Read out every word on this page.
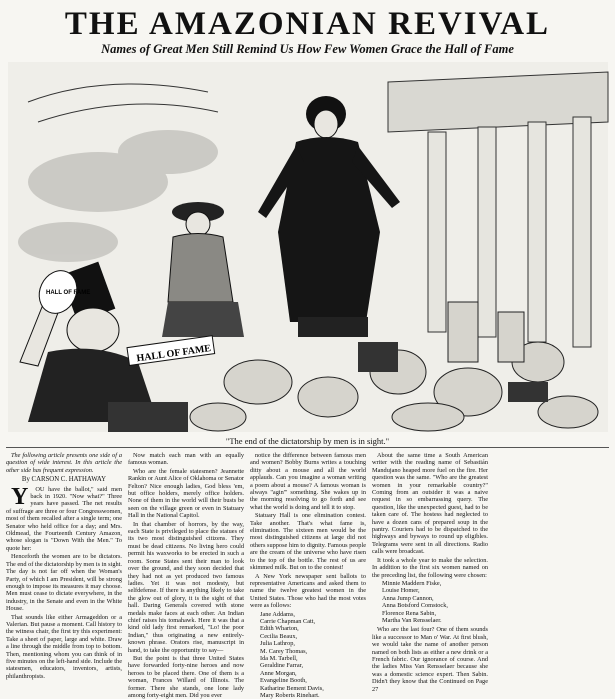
THE AMAZONIAN REVIVAL
Names of Great Men Still Remind Us How Few Women Grace the Hall of Fame
HALL OF FAME
HALL OF FAME
"The end of the dictatorship by men is in sight."

The following article presents one side of a question of wide interest. In this article the other side has frequent expression.

By CARSON C. HATHAWAY

Y OU have the ballot," said men back in 1920. "Now what?" Three years have passed. The net results of suffrage are three or four Congresswomen, most of them recalled after a single term; one Senator who held office for a day; and Mrs. Oldmead, the Fourteenth Century Amazon, whose slogan is "Down With the Men." To quote her:

Henceforth the women are to be dictators. The end of the dictatorship by men is in sight. The day is not far off when the Woman's Party, of which I am President, will be strong enough to impose its measures it may choose. Men must cease to dictate everywhere, in the industry, in the Senate and even in the White House.

That sounds like either Armageddon or a Valerian. But pause a moment. Call history to the witness chair, the first try this experiment: Take a sheet of paper, large and white. Draw a line through the middle from top to bottom. Then, mentioning whom you can think of in five minutes on the left-hand side. Include the statesmen, educators, inventors, artists, philanthropists.

Now match each man with an equally famous woman.

Who are the female statesmen? Jeannette Rankin or Aunt Alice of Oklahoma or Senator Felton? Nice enough ladies, God bless 'em, but office holders, merely office holders. None of them in the world will their busts be seen on the village green or even in Statuary Hall in the National Capitol.

In that chamber of horrors, by the way, each State is privileged to place the statues of its two most distinguished citizens. They must be dead citizens. No living hero could permit his waxworks to be erected in such a room. Some States sent their man to look over the ground, and they soon decided that they had not as yet produced two famous ladies. Yet it was not modesty, but selfdefense. If there is anything likely to take the glow out of glory, it is the sight of that hall. Daring Generals covered with stone medals make faces at each other. An Indian chief raises his tomahawk. Here it was that a kind old lady first remarked, "Lo! the poor Indian," thus originating a new entirely-known phrase. Orators rise, manuscript in hand, to take the opportunity to say—

But the point is that three United States have forwarded forty-nine heroes and now heroes to be placed there. One of them is a woman, Frances Willard of Illinois. The former. There she stands, one lone lady among forty-eight men. Did you ever

notice the difference between famous men and women? Bobby Burns writes a touching ditty about a mouse and all the world applauds. Can you imagine a woman writing a poem about a mouse? A famous woman is always "agin'" something. She wakes up in the morning resolving to go forth and see what the world is doing and tell it to stop.

Statuary Hall is one elimination contest. Take another. That's what fame is, elimination. The sixteen men would be the most distinguished citizens at large did not others suppose him to dignity. Famous people are the cream of the universe who have risen to the top of the bottle. The rest of us are skimmed milk. But on to the contest!

A New York newspaper sent ballots to representative Americans and asked them to name the twelve greatest women in the United States. Those who had the most votes were as follows:

Jane Addams,

Carrie Chapman Catt,

Edith Wharton,

Cecilia Beaux,

Julia Lathrop,

M. Carey Thomas,

Ida M. Tarbell,

Geraldine Farrar,

Anne Morgan,

Evangeline Booth,

Katharine Bement Davis,

Mary Roberts Rinehart.

About the same time a South American writer with the reading name of Sebastián Mandujano heaped more fuel on the fire. Her question was the same. "Who are the greatest women in your remarkable country?" Coming from an outsider it was a naive request in so embarrassing query. The question, like the unexpected guest, had to be taken care of. The hostess had neglected to have a dozen cans of prepared soup in the pantry. Couriers had to be dispatched to the highways and byways to round up eligibles. Telegrams were sent in all directions. Radio calls were broadcast.

It took a whole year to make the selection. In addition to the first six women named on the preceding list, the following were chosen:

Minnie Maddern Fiske,

Louise Homer,

Anna Jump Cannon,

Anna Botsford Comstock,

Florence Rena Sabin,

Martha Van Rensselaer.

Who are the last four? One of them sounds like a successor to Man o' War. At first blush, we would take the name of another person named on both lists as either a new drink or a French fabric. Our ignorance of course. And the ladies Miss Van Rensselaer because she was a domestic science expert. Then Sabin. Didn't they know that the Continued on Page 27
